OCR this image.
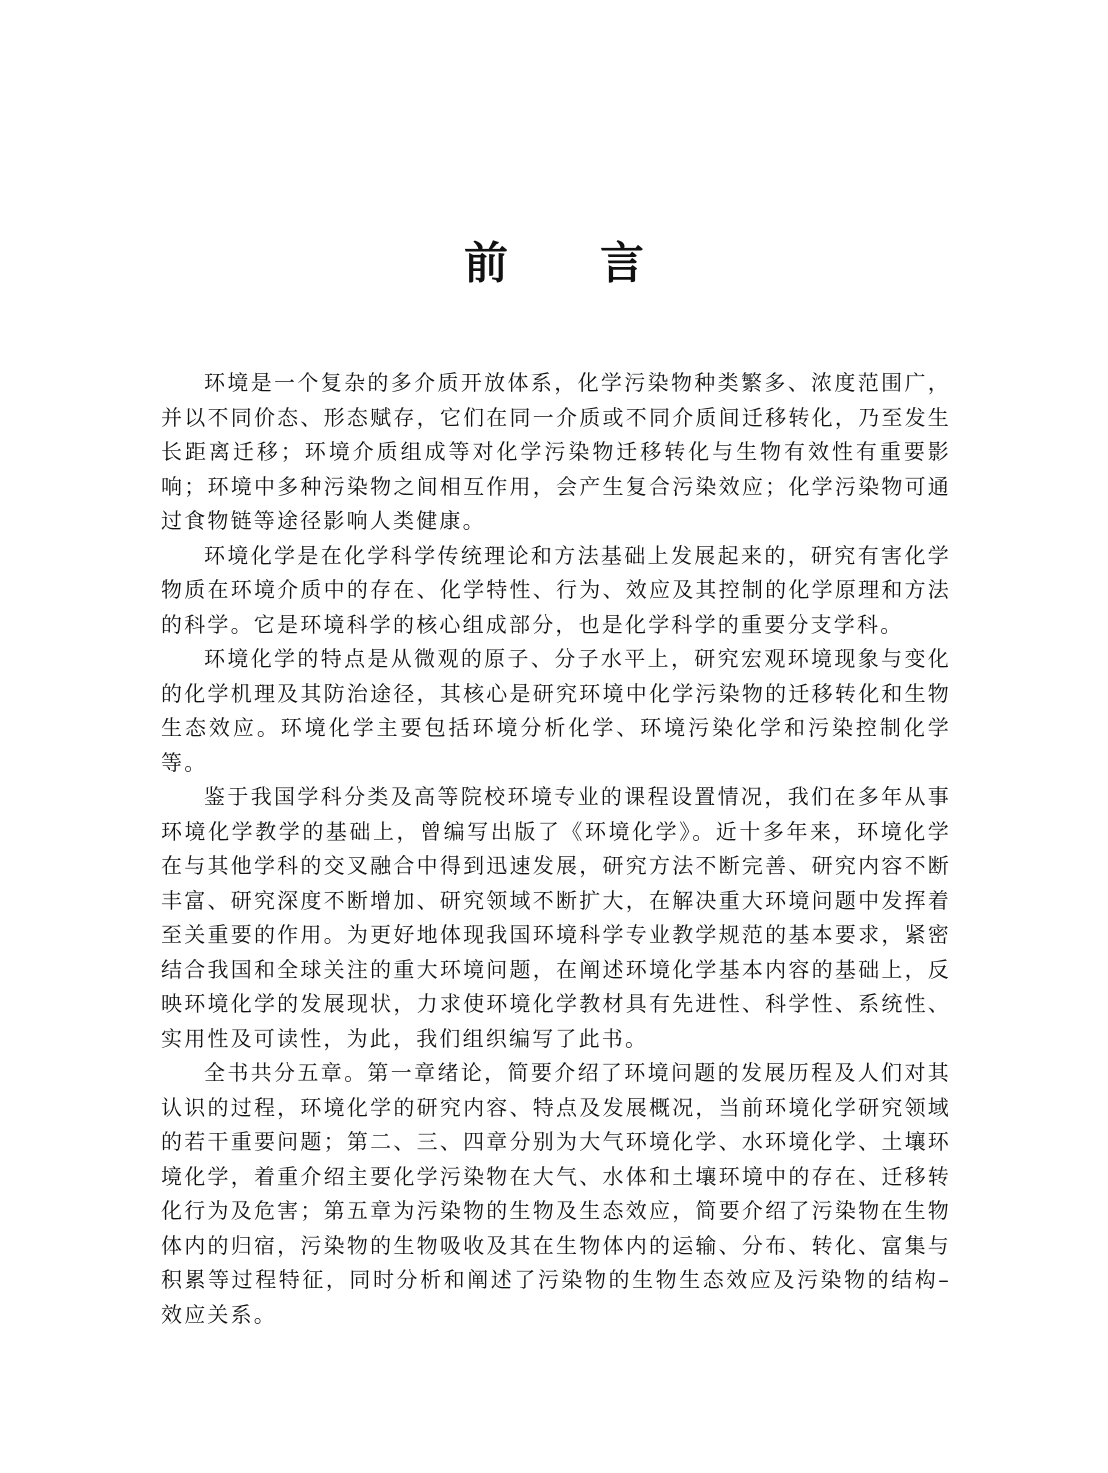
前言

环境是一个复杂的多介质开放体系，化学污染物种类繁多、浓度范围广，并以不同价态、形态赋存，它们在同一介质或不同介质间迁移转化，乃至发生长距离迁移；环境介质组成等对化学污染物迁移转化与生物有效性有重要影响；环境中多种污染物之间相互作用，会产生复合污染效应；化学污染物可通过食物链等途径影响人类健康。

环境化学是在化学科学传统理论和方法基础上发展起来的，研究有害化学物质在环境介质中的存在、化学特性、行为、效应及其控制的化学原理和方法的科学。它是环境科学的核心组成部分，也是化学科学的重要分支学科。

环境化学的特点是从微观的原子、分子水平上，研究宏观环境现象与变化的化学机理及其防治途径，其核心是研究环境中化学污染物的迁移转化和生物生态效应。环境化学主要包括环境分析化学、环境污染化学和污染控制化学等。

鉴于我国学科分类及高等院校环境专业的课程设置情况，我们在多年从事环境化学教学的基础上，曾编写出版了《环境化学》。近十多年来，环境化学在与其他学科的交叉融合中得到迅速发展，研究方法不断完善、研究内容不断丰富、研究深度不断增加、研究领域不断扩大，在解决重大环境问题中发挥着至关重要的作用。为更好地体现我国环境科学专业教学规范的基本要求，紧密结合我国和全球关注的重大环境问题，在阐述环境化学基本内容的基础上，反映环境化学的发展现状，力求使环境化学教材具有先进性、科学性、系统性、实用性及可读性，为此，我们组织编写了此书。

全书共分五章。第一章绪论，简要介绍了环境问题的发展历程及人们对其认识的过程，环境化学的研究内容、特点及发展概况，当前环境化学研究领域的若干重要问题；第二、三、四章分别为大气环境化学、水环境化学、土壤环境化学，着重介绍主要化学污染物在大气、水体和土壤环境中的存在、迁移转化行为及危害；第五章为污染物的生物及生态效应，简要介绍了污染物在生物体内的归宿，污染物的生物吸收及其在生物体内的运输、分布、转化、富集与积累等过程特征，同时分析和阐述了污染物的生物生态效应及污染物的结构–效应关系。
